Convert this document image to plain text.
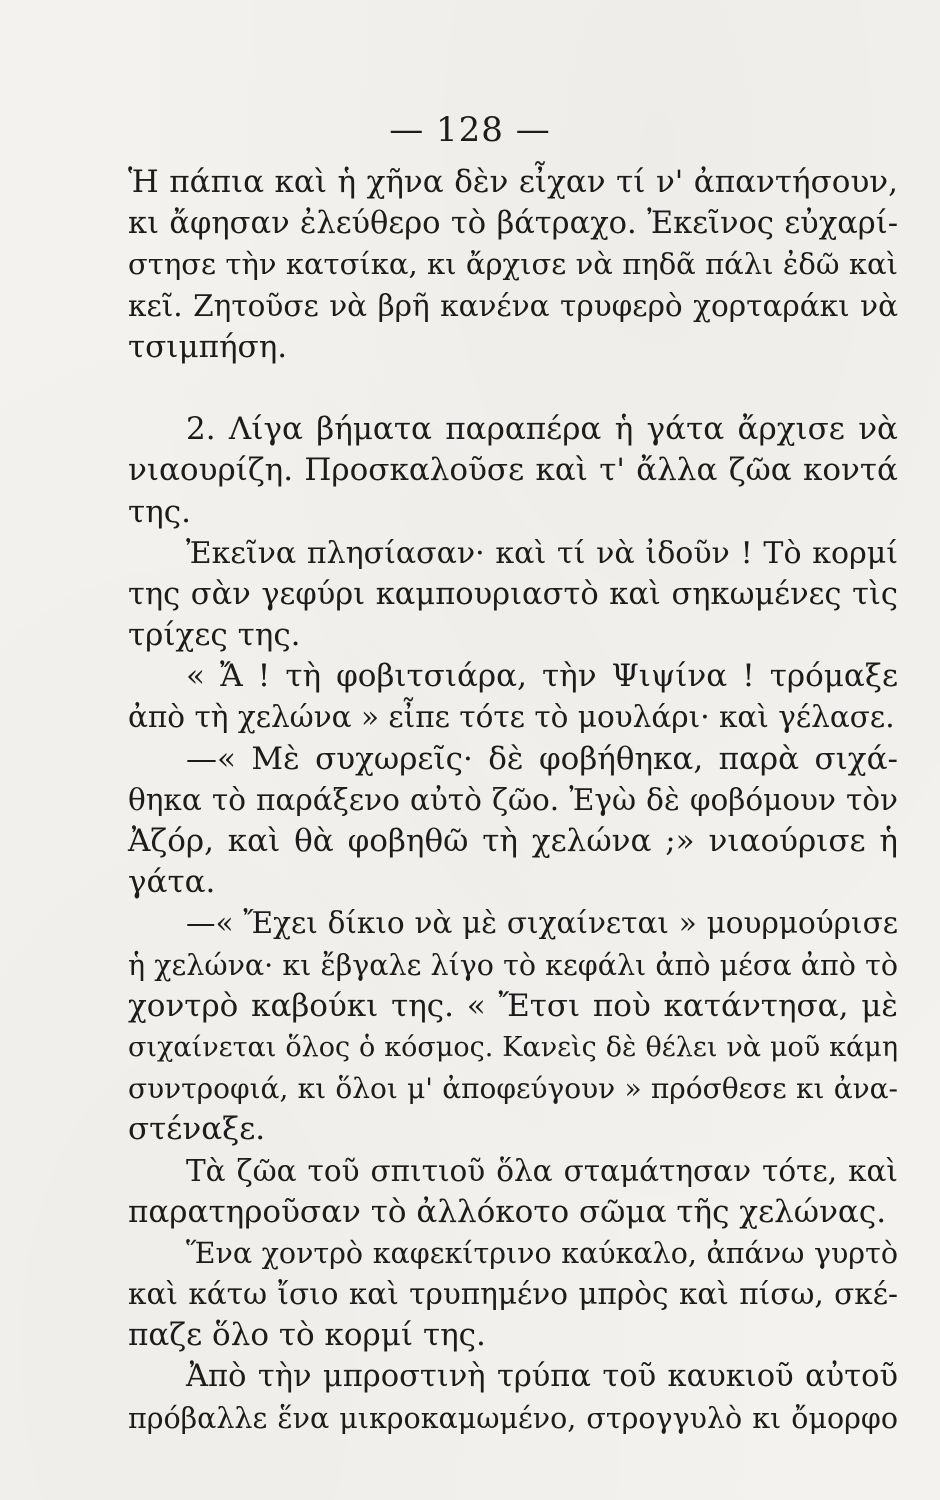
— 128 —
Ἡ πάπια καὶ ἡ χῆνα δὲν εἶχαν τί ν' ἀπαντήσουν,
κι ἄφησαν ἐλεύθερο τὸ βάτραχο. Ἐκεῖνος εὐχαρί-
στησε τὴν κατσίκα, κι ἄρχισε νὰ πηδᾶ πάλι ἐδῶ καὶ
κεῖ. Ζητοῦσε νὰ βρῆ κανένα τρυφερὸ χορταράκι νὰ
τσιμπήση.
2. Λίγα βήματα παραπέρα ἡ γάτα ἄρχισε νὰ
νιαουρίζη. Προσκαλοῦσε καὶ τ' ἄλλα ζῶα κοντά
της.
Ἐκεῖνα πλησίασαν· καὶ τί νὰ ἰδοῦν ! Τὸ κορμί
της σὰν γεφύρι καμπουριαστὸ καὶ σηκωμένες τὶς
τρίχες της.
« Ἄ ! τὴ φοβιτσιάρα, τὴν Ψιψίνα ! τρόμαξε
ἀπὸ τὴ χελώνα » εἶπε τότε τὸ μουλάρι· καὶ γέλασε.
—« Μὲ συχωρεῖς· δὲ φοβήθηκα, παρὰ σιχά-
θηκα τὸ παράξενο αὐτὸ ζῶο. Ἐγὼ δὲ φοβόμουν τὸν
Ἀζόρ, καὶ θὰ φοβηθῶ τὴ χελώνα ;» νιαούρισε ἡ
γάτα.
—« Ἔχει δίκιο νὰ μὲ σιχαίνεται » μουρμούρισε
ἡ χελώνα· κι ἔβγαλε λίγο τὸ κεφάλι ἀπὸ μέσα ἀπὸ τὸ
χοντρὸ καβούκι της. « Ἔτσι ποὺ κατάντησα, μὲ
σιχαίνεται ὅλος ὁ κόσμος. Κανεὶς δὲ θέλει νὰ μοῦ κάμη
συντροφιά, κι ὅλοι μ' ἀποφεύγουν » πρόσθεσε κι ἀνα-
στέναξε.
Τὰ ζῶα τοῦ σπιτιοῦ ὅλα σταμάτησαν τότε, καὶ
παρατηροῦσαν τὸ ἀλλόκοτο σῶμα τῆς χελώνας.
Ἕνα χοντρὸ καφεκίτρινο καύκαλο, ἀπάνω γυρτὸ
καὶ κάτω ἴσιο καὶ τρυπημένο μπρὸς καὶ πίσω, σκέ-
παζε ὅλο τὸ κορμί της.
Ἀπὸ τὴν μπροστινὴ τρύπα τοῦ καυκιοῦ αὐτοῦ
πρόβαλλε ἕνα μικροκαμωμένο, στρογγυλὸ κι ὄμορφο
